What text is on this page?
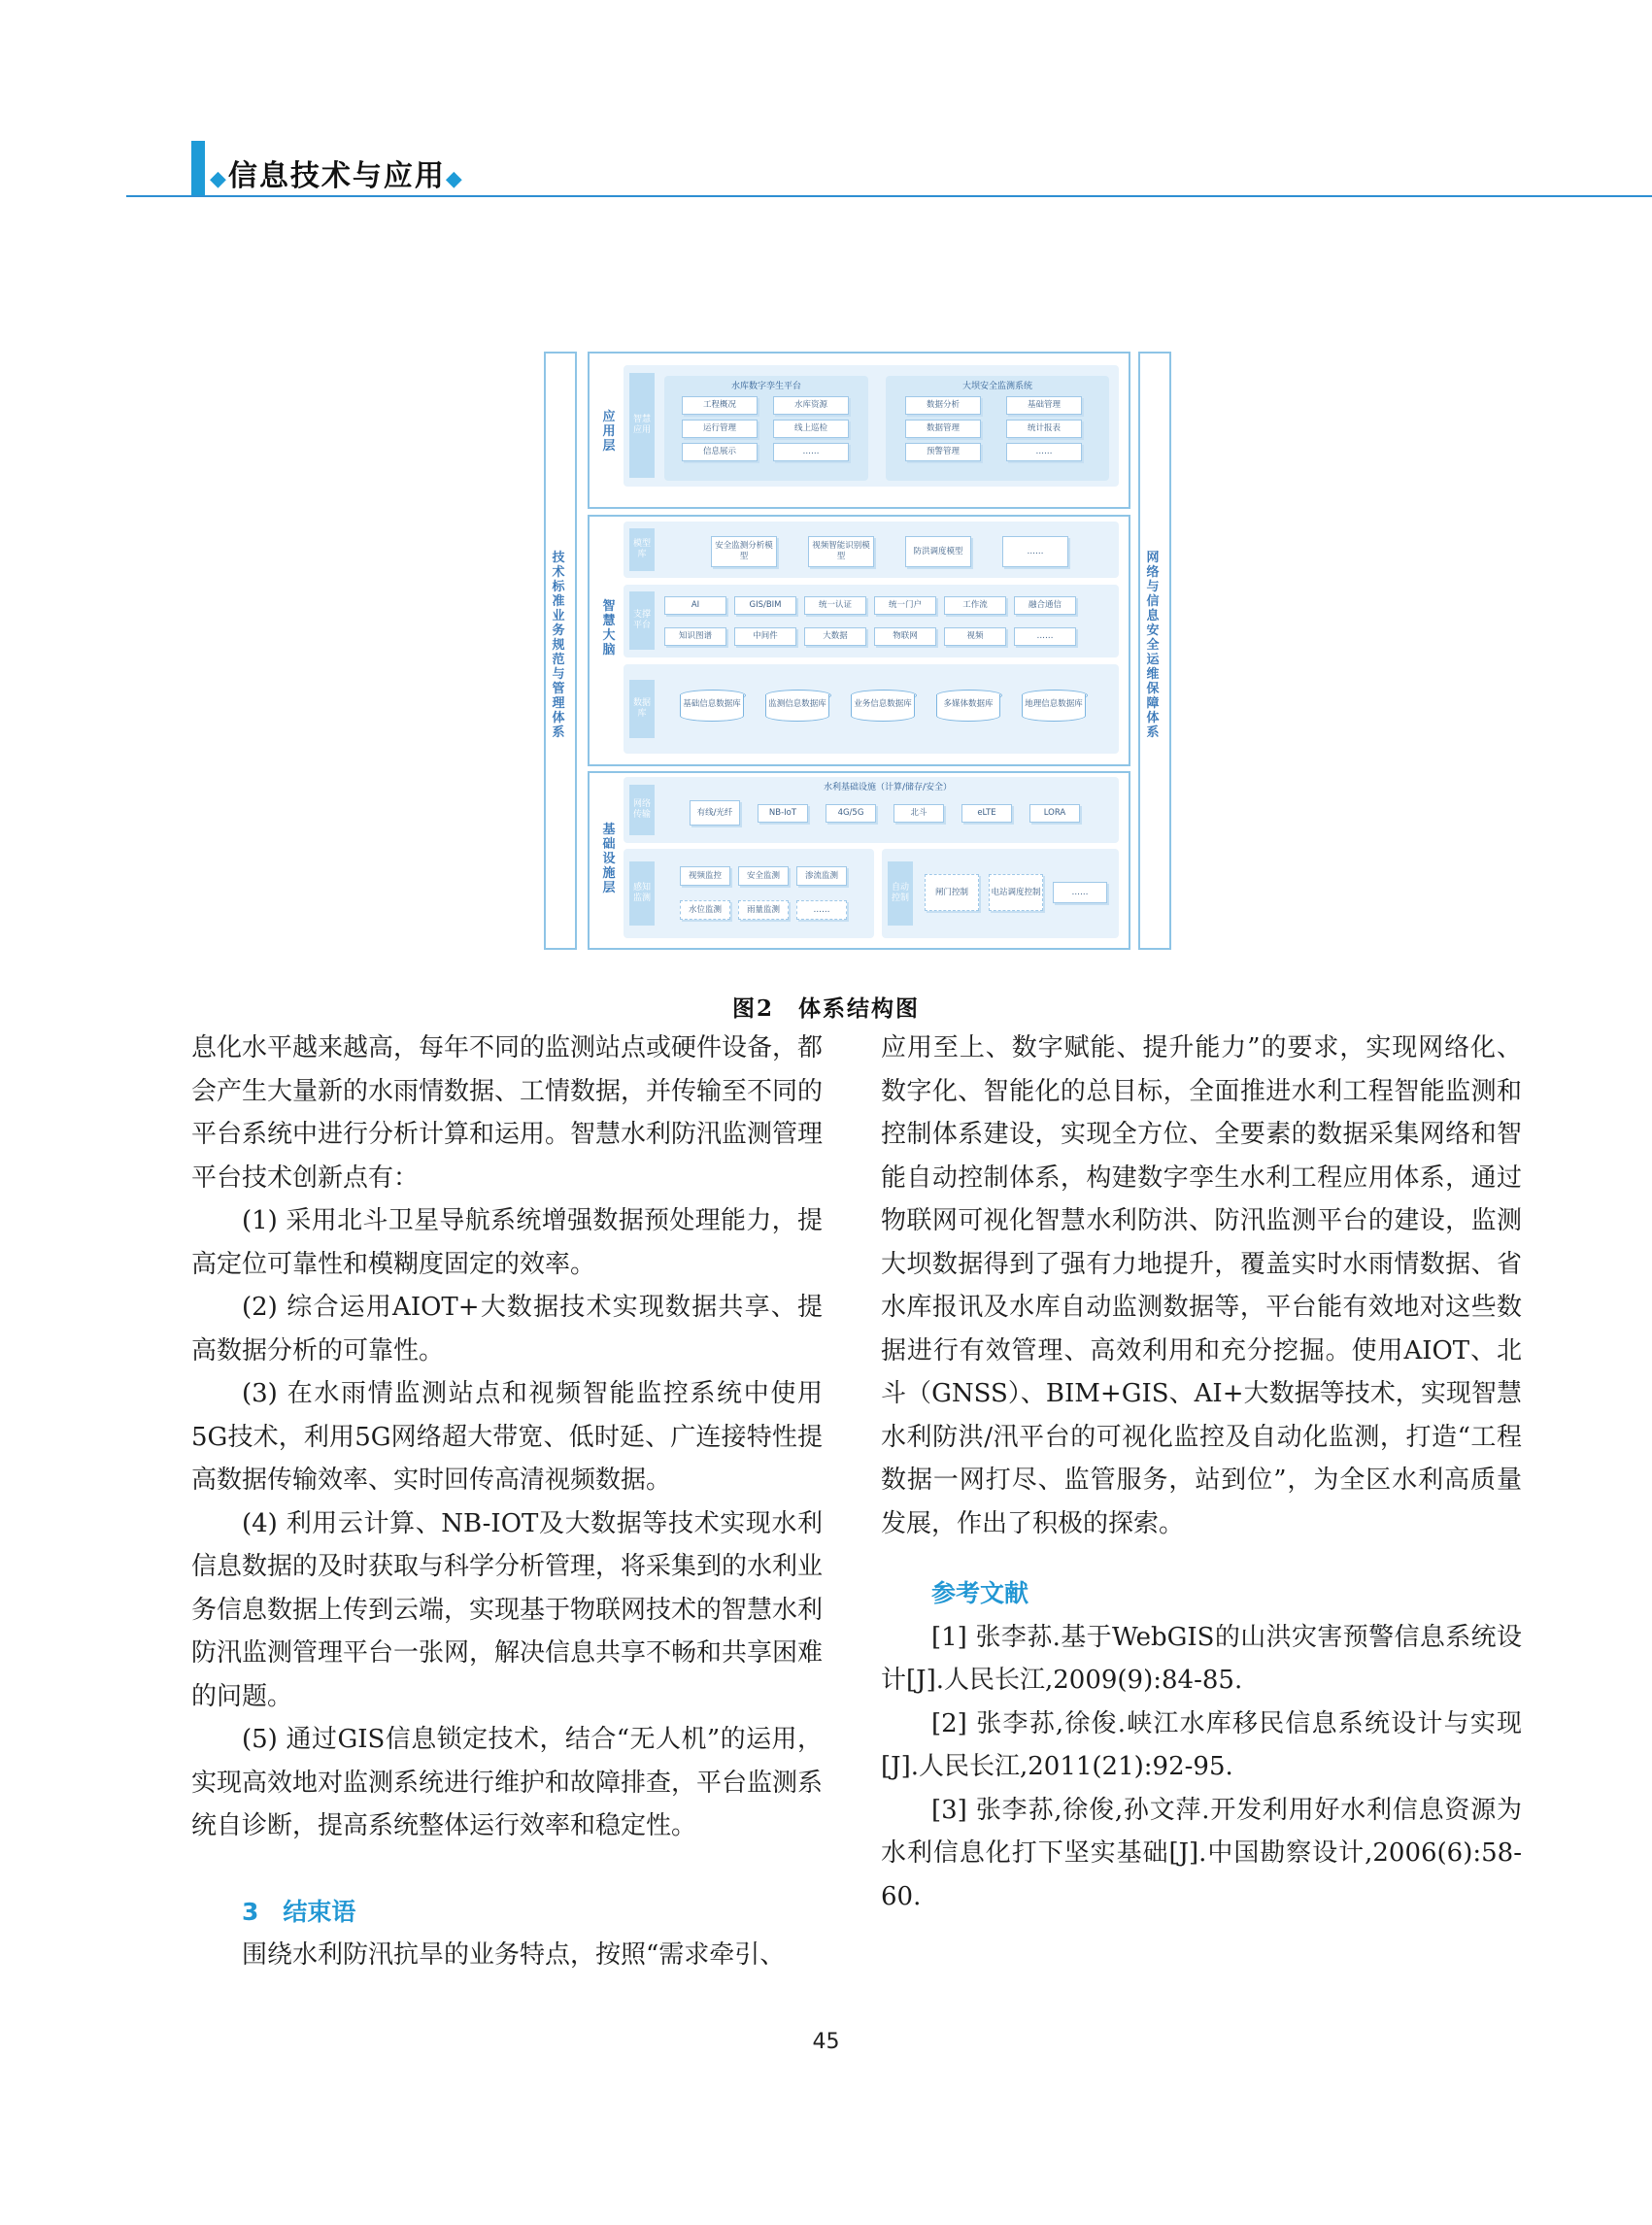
◆信息技术与应用◆
技术标准业务规范与管理体系
网络与信息安全运维保障体系
应用层
智慧应用
水库数字孪生平台
工程概况	水库资源
运行管理	线上巡检
信息展示	……
大坝安全监测系统
数据分析	基础管理
数据管理	统计报表
预警管理	……
智慧大脑
模型库
安全监测分析模型
视频智能识别模型
防洪调度模型	……
支撑平台
AI	GIS/BIM	统一认证	统一门户	工作流	融合通信
知识图谱	中间件	大数据	物联网	视频	……
数据库
基础信息数据库	监测信息数据库	业务信息数据库	多媒体数据库	地理信息数据库
基础设施层
网络传输
水利基础设施（计算/储存/安全）
有线/光纤	NB-IoT	4G/5G	北斗	eLTE	LORA
感知监测
视频监控	安全监测	渗流监测
水位监测	雨量监测	……
自动控制
闸门控制	电站调度控制	……
图2　体系结构图

息化水平越来越高，每年不同的监测站点或硬件设备，都会产生大量新的水雨情数据、工情数据，并传输至不同的平台系统中进行分析计算和运用。智慧水利防汛监测管理平台技术创新点有：

(1) 采用北斗卫星导航系统增强数据预处理能力，提高定位可靠性和模糊度固定的效率。

(2) 综合运用AIOT+大数据技术实现数据共享、提高数据分析的可靠性。

(3) 在水雨情监测站点和视频智能监控系统中使用5G技术，利用5G网络超大带宽、低时延、广连接特性提高数据传输效率、实时回传高清视频数据。

(4) 利用云计算、NB-IOT及大数据等技术实现水利信息数据的及时获取与科学分析管理，将采集到的水利业务信息数据上传到云端，实现基于物联网技术的智慧水利防汛监测管理平台一张网，解决信息共享不畅和共享困难的问题。

(5) 通过GIS信息锁定技术，结合“无人机”的运用，实现高效地对监测系统进行维护和故障排查，平台监测系统自诊断，提高系统整体运行效率和稳定性。

3　结束语

围绕水利防汛抗旱的业务特点，按照“需求牵引、

应用至上、数字赋能、提升能力”的要求，实现网络化、数字化、智能化的总目标，全面推进水利工程智能监测和控制体系建设，实现全方位、全要素的数据采集网络和智能自动控制体系，构建数字孪生水利工程应用体系，通过物联网可视化智慧水利防洪、防汛监测平台的建设，监测大坝数据得到了强有力地提升，覆盖实时水雨情数据、省水库报讯及水库自动监测数据等，平台能有效地对这些数据进行有效管理、高效利用和充分挖掘。使用AIOT、北斗（GNSS）、BIM+GIS、AI+大数据等技术，实现智慧水利防洪/汛平台的可视化监控及自动化监测，打造“工程数据一网打尽、监管服务，站到位”，为全区水利高质量发展，作出了积极的探索。

参考文献

[1] 张李荪.基于WebGIS的山洪灾害预警信息系统设计[J].人民长江,2009(9):84-85.

[2] 张李荪,徐俊.峡江水库移民信息系统设计与实现[J].人民长江,2011(21):92-95.

[3] 张李荪,徐俊,孙文萍.开发利用好水利信息资源为水利信息化打下坚实基础[J].中国勘察设计,2006(6):58-60.

45
